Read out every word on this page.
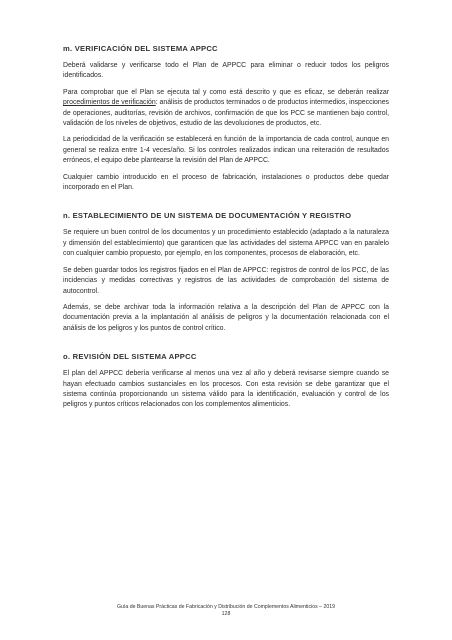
m. VERIFICACIÓN DEL SISTEMA APPCC

Deberá validarse y verificarse todo el Plan de APPCC para eliminar o reducir todos los peligros identificados.

Para comprobar que el Plan se ejecuta tal y como está descrito y que es eficaz, se deberán realizar procedimientos de verificación: análisis de productos terminados o de productos intermedios, inspecciones de operaciones, auditorías, revisión de archivos, confirmación de que los PCC se mantienen bajo control, validación de los niveles de objetivos, estudio de las devoluciones de productos, etc.

La periodicidad de la verificación se establecerá en función de la importancia de cada control, aunque en general se realiza entre 1-4 veces/año. Si los controles realizados indican una reiteración de resultados erróneos, el equipo debe plantearse la revisión del Plan de APPCC.

Cualquier cambio introducido en el proceso de fabricación, instalaciones o productos debe quedar incorporado en el Plan.

n. ESTABLECIMIENTO DE UN SISTEMA DE DOCUMENTACIÓN Y REGISTRO

Se requiere un buen control de los documentos y un procedimiento establecido (adaptado a la naturaleza y dimensión del establecimiento) que garanticen que las actividades del sistema APPCC van en paralelo con cualquier cambio propuesto, por ejemplo, en los componentes, procesos de elaboración, etc.

Se deben guardar todos los registros fijados en el Plan de APPCC: registros de control de los PCC, de las incidencias y medidas correctivas y registros de las actividades de comprobación del sistema de autocontrol.

Además, se debe archivar toda la información relativa a la descripción del Plan de APPCC con la documentación previa a la implantación al análisis de peligros y la documentación relacionada con el análisis de los peligros y los puntos de control crítico.

o. REVISIÓN DEL SISTEMA APPCC

El plan del APPCC debería verificarse al menos una vez al año y deberá revisarse siempre cuando se hayan efectuado cambios sustanciales en los procesos. Con esta revisión se debe garantizar que el sistema continúa proporcionando un sistema válido para la identificación, evaluación y control de los peligros y puntos críticos relacionados con los complementos alimenticios.

Guía de Buenas Prácticas de Fabricación y Distribución de Complementos Alimenticios – 2019
128
